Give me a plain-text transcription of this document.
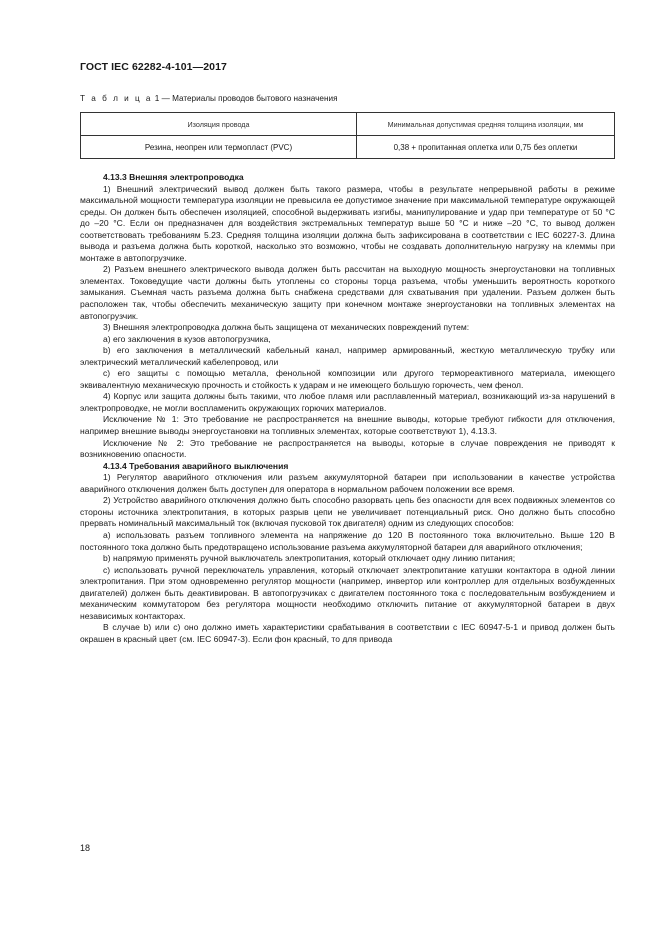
ГОСТ IEC 62282-4-101—2017
Т а б л и ц а 1 — Материалы проводов бытового назначения
Изоляция провода	Минимальная допустимая средняя толщина изоляции, мм
Резина, неопрен или термопласт (PVC)	0,38 + пропитанная оплетка или 0,75 без оплетки

4.13.3 Внешняя электропроводка

1) Внешний электрический вывод должен быть такого размера, чтобы в результате непрерывной работы в режиме максимальной мощности температура изоляции не превысила ее допустимое значение при максимальной температуре окружающей среды. Он должен быть обеспечен изоляцией, способной выдерживать изгибы, манипулирование и удар при температуре от 50 °С до –20 °С. Если он предназначен для воздействия экстремальных температур выше 50 °С и ниже –20 °С, то вывод должен соответствовать требованиям 5.23. Средняя толщина изоляции должна быть зафиксирована в соответствии с IEC 60227-3. Длина вывода и разъема должна быть короткой, насколько это возможно, чтобы не создавать дополнительную нагрузку на клеммы при монтаже в автопогрузчике.

2) Разъем внешнего электрического вывода должен быть рассчитан на выходную мощность энергоустановки на топливных элементах. Токоведущие части должны быть утоплены со стороны торца разъема, чтобы уменьшить вероятность короткого замыкания. Съемная часть разъема должна быть снабжена средствами для схватывания при удалении. Разъем должен быть расположен так, чтобы обеспечить механическую защиту при конечном монтаже энергоустановки на топливных элементах на автопогрузчик.

3) Внешняя электропроводка должна быть защищена от механических повреждений путем:

a) его заключения в кузов автопогрузчика,

b) его заключения в металлический кабельный канал, например армированный, жесткую металлическую трубку или электрический металлический кабелепровод, или

c) его защиты с помощью металла, фенольной композиции или другого термореактивного материала, имеющего эквивалентную механическую прочность и стойкость к ударам и не имеющего большую горючесть, чем фенол.

4) Корпус или защита должны быть такими, что любое пламя или расплавленный материал, возникающий из-за нарушений в электропроводке, не могли воспламенить окружающих горючих материалов.

Исключение № 1: Это требование не распространяется на внешние выводы, которые требуют гибкости для отключения, например внешние выводы энергоустановки на топливных элементах, которые соответствуют 1), 4.13.3.

Исключение № 2: Это требование не распространяется на выводы, которые в случае повреждения не приводят к возникновению опасности.

4.13.4 Требования аварийного выключения

1) Регулятор аварийного отключения или разъем аккумуляторной батареи при использовании в качестве устройства аварийного отключения должен быть доступен для оператора в нормальном рабочем положении все время.

2) Устройство аварийного отключения должно быть способно разорвать цепь без опасности для всех подвижных элементов со стороны источника электропитания, в которых разрыв цепи не увеличивает потенциальный риск. Оно должно быть способно прервать номинальный максимальный ток (включая пусковой ток двигателя) одним из следующих способов:

a) использовать разъем топливного элемента на напряжение до 120 В постоянного тока включительно. Выше 120 В постоянного тока должно быть предотвращено использование разъема аккумуляторной батареи для аварийного отключения;

b) напрямую применять ручной выключатель электропитания, который отключает одну линию питания;

c) использовать ручной переключатель управления, который отключает электропитание катушки контактора в одной линии электропитания. При этом одновременно регулятор мощности (например, инвертор или контроллер для отдельных возбужденных двигателей) должен быть деактивирован. В автопогрузчиках с двигателем постоянного тока с последовательным возбуждением и механическим коммутатором без регулятора мощности необходимо отключить питание от аккумуляторной батареи в двух независимых контакторах.

В случае b) или c) оно должно иметь характеристики срабатывания в соответствии с IEC 60947-5-1 и привод должен быть окрашен в красный цвет (см. IEC 60947-3). Если фон красный, то для привода

18
